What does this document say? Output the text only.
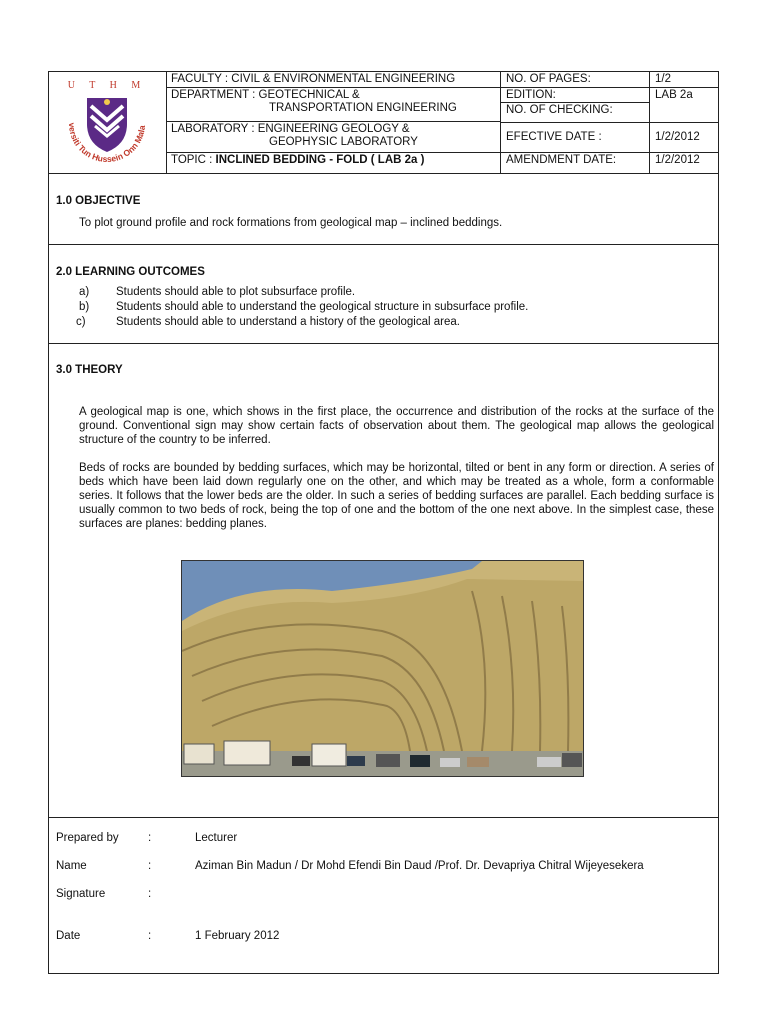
U T H M
versiti Tun Hussein Onn Mala
FACULTY : CIVIL & ENVIRONMENTAL ENGINEERING
DEPARTMENT : GEOTECHNICAL &
TRANSPORTATION ENGINEERING
LABORATORY : ENGINEERING GEOLOGY &
GEOPHYSIC LABORATORY
TOPIC : INCLINED BEDDING - FOLD ( LAB 2a )
NO. OF PAGES:	1/2
EDITION:	LAB 2a
NO. OF CHECKING:
EFECTIVE DATE :	1/2/2012
AMENDMENT DATE:	1/2/2012
1.0 OBJECTIVE
To plot ground profile and rock formations from geological map – inclined beddings.
2.0 LEARNING OUTCOMES
a)	Students should able to plot subsurface profile.
b)	Students should able to understand the geological structure in subsurface profile.
c)	Students should able to understand a history of the geological area.
3.0 THEORY
A geological map is one, which shows in the first place, the occurrence and distribution of the rocks at the surface of the ground. Conventional sign may show certain facts of observation about them. The geological map allows the geological structure of the country to be inferred.
Beds of rocks are bounded by bedding surfaces, which may be horizontal, tilted or bent in any form or direction. A series of beds which have been laid down regularly one on the other, and which may be treated as a whole, form a conformable series. It follows that the lower beds are the older. In such a series of bedding surfaces are parallel. Each bedding surface is usually common to two beds of rock, being the top of one and the bottom of the one next above. In the simplest case, these surfaces are planes: bedding planes.
Prepared by	:	Lecturer
Name	:	Aziman Bin Madun / Dr Mohd Efendi Bin Daud /Prof. Dr. Devapriya Chitral Wijeyesekera
Signature	:
Date	:	1 February 2012
